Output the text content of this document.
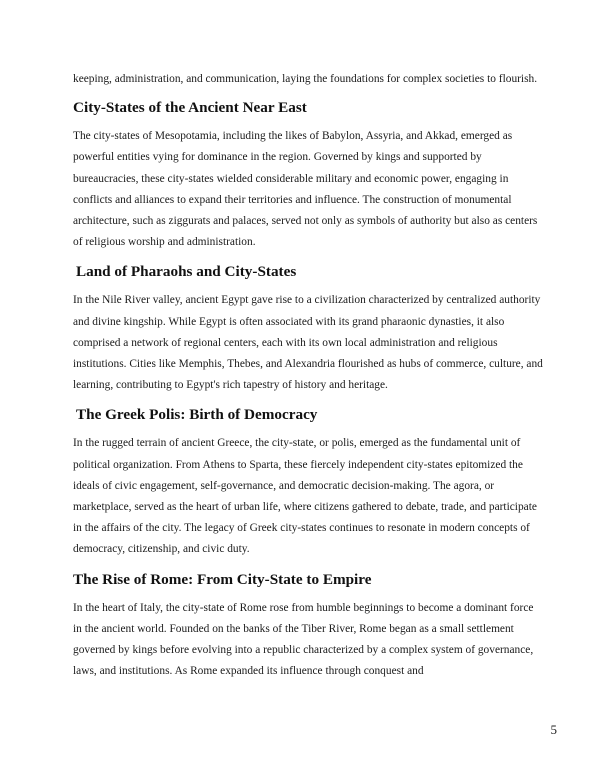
keeping, administration, and communication, laying the foundations for complex societies to flourish.

City-States of the Ancient Near East

The city-states of Mesopotamia, including the likes of Babylon, Assyria, and Akkad, emerged as powerful entities vying for dominance in the region. Governed by kings and supported by bureaucracies, these city-states wielded considerable military and economic power, engaging in conflicts and alliances to expand their territories and influence. The construction of monumental architecture, such as ziggurats and palaces, served not only as symbols of authority but also as centers of religious worship and administration.

Land of Pharaohs and City-States

In the Nile River valley, ancient Egypt gave rise to a civilization characterized by centralized authority and divine kingship. While Egypt is often associated with its grand pharaonic dynasties, it also comprised a network of regional centers, each with its own local administration and religious institutions. Cities like Memphis, Thebes, and Alexandria flourished as hubs of commerce, culture, and learning, contributing to Egypt's rich tapestry of history and heritage.

The Greek Polis: Birth of Democracy

In the rugged terrain of ancient Greece, the city-state, or polis, emerged as the fundamental unit of political organization. From Athens to Sparta, these fiercely independent city-states epitomized the ideals of civic engagement, self-governance, and democratic decision-making. The agora, or marketplace, served as the heart of urban life, where citizens gathered to debate, trade, and participate in the affairs of the city. The legacy of Greek city-states continues to resonate in modern concepts of democracy, citizenship, and civic duty.

The Rise of Rome: From City-State to Empire

In the heart of Italy, the city-state of Rome rose from humble beginnings to become a dominant force in the ancient world. Founded on the banks of the Tiber River, Rome began as a small settlement governed by kings before evolving into a republic characterized by a complex system of governance, laws, and institutions. As Rome expanded its influence through conquest and

5
